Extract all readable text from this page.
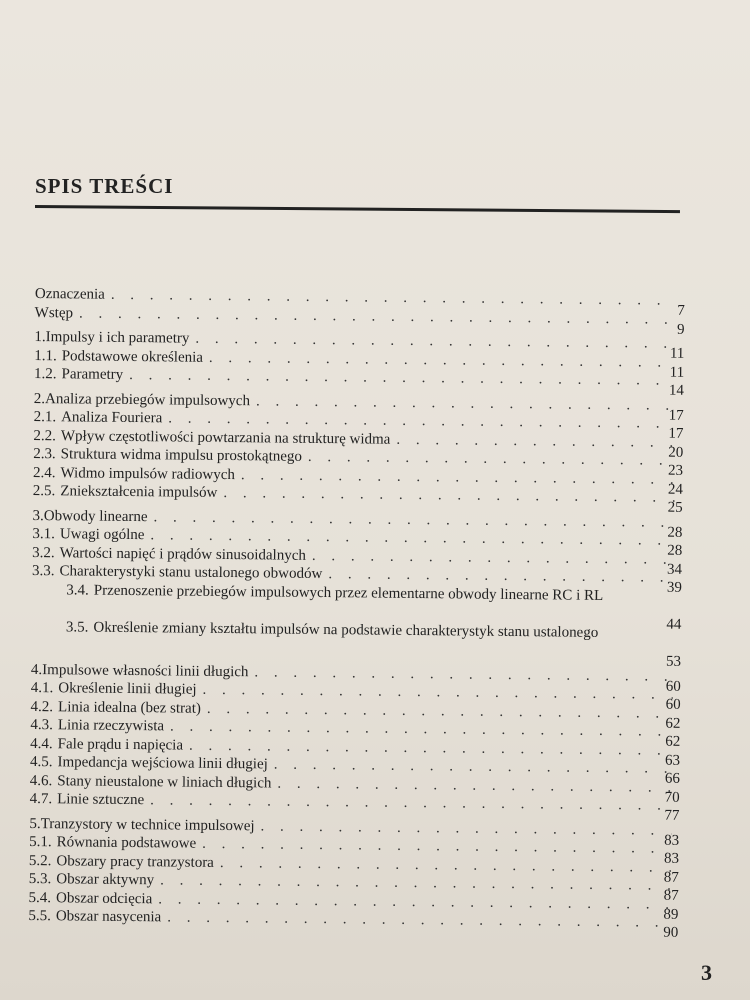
SPIS TREŚCI
Oznaczenia
. . .
7
Wstęp
. . .
9
1. Impulsy i ich parametry
. . .
11
1.1. Podstawowe określenia
. . .
11
1.2. Parametry
. . .
14
2. Analiza przebiegów impulsowych
. . .
17
2.1. Analiza Fouriera
. . .
17
2.2. Wpływ częstotliwości powtarzania na strukturę widma
. . .
20
2.3. Struktura widma impulsu prostokątnego
. . .
23
2.4. Widmo impulsów radiowych
. . .
24
2.5. Zniekształcenia impulsów
. . .
25
3. Obwody linearne
. . .
28
3.1. Uwagi ogólne
. . .
28
3.2. Wartości napięć i prądów sinusoidalnych
. . .
34
3.3. Charakterystyki stanu ustalonego obwodów
. . .
39
3.4. Przenoszenie przebiegów impulsowych przez elementarne obwody linearne RC i RL
44
3.5. Określenie zmiany kształtu impulsów na podstawie charakterystyk stanu ustalonego
53
4. Impulsowe własności linii długich
. . .
60
4.1. Określenie linii długiej
. . .
60
4.2. Linia idealna (bez strat)
. . .
62
4.3. Linia rzeczywista
. . .
62
4.4. Fale prądu i napięcia
. . .
63
4.5. Impedancja wejściowa linii długiej
. . .
66
4.6. Stany nieustalone w liniach długich
. . .
70
4.7. Linie sztuczne
. . .
77
5. Tranzystory w technice impulsowej
. . .
83
5.1. Równania podstawowe
. . .
83
5.2. Obszary pracy tranzystora
. . .
87
5.3. Obszar aktywny
. . .
87
5.4. Obszar odcięcia
. . .
89
5.5. Obszar nasycenia
. . .
90
3
